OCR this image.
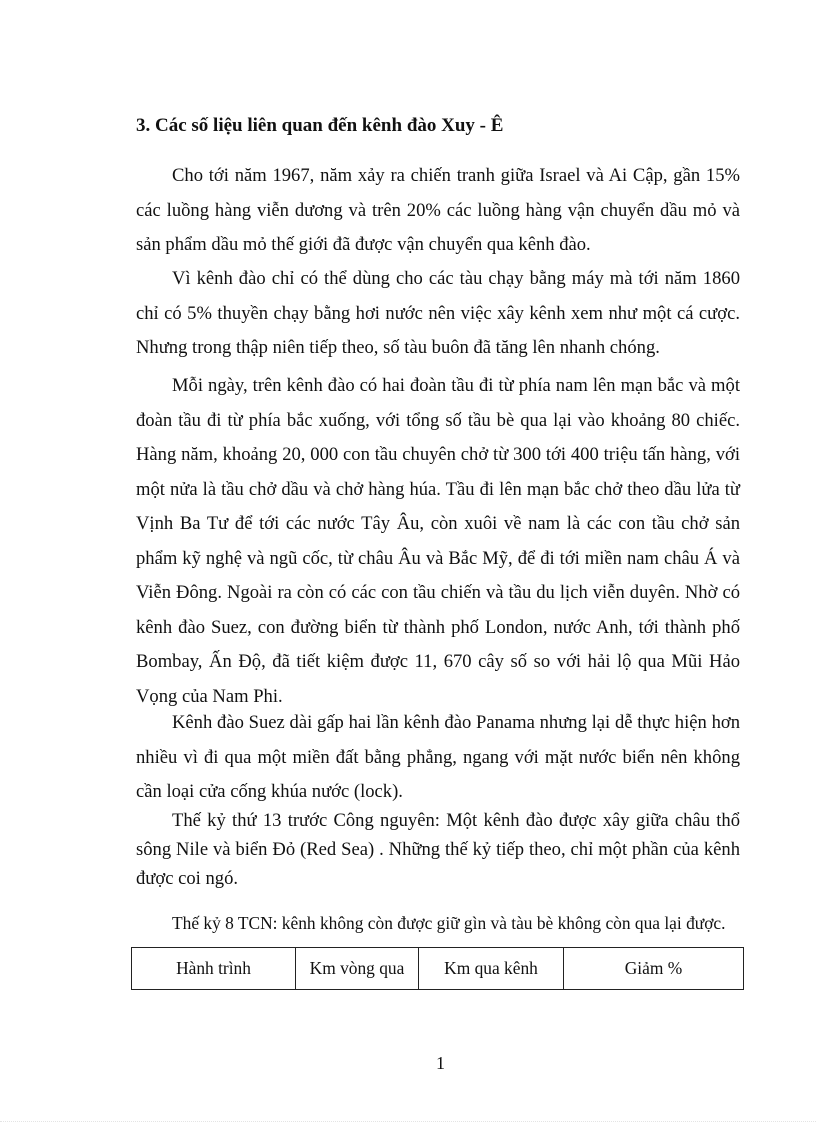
3. Các số liệu liên quan đến kênh đào Xuy - Ê

Cho tới năm 1967, năm xảy ra chiến tranh giữa Israel và Ai Cập, gần 15% các luồng hàng viễn dương và trên 20% các luồng hàng vận chuyển dầu mỏ và sản phẩm dầu mỏ thế giới đã được vận chuyển qua kênh đào.

Vì kênh đào chỉ có thể dùng cho các tàu chạy bằng máy mà tới năm 1860 chỉ có 5% thuyền chạy bằng hơi nước nên việc xây kênh xem như một cá cược. Nhưng trong thập niên tiếp theo, số tàu buôn đã tăng lên nhanh chóng.

Mỗi ngày, trên kênh đào có hai đoàn tầu đi từ phía nam lên mạn bắc và một đoàn tầu đi từ phía bắc xuống, với tổng số tầu bè qua lại vào khoảng 80 chiếc. Hàng năm, khoảng 20, 000 con tầu chuyên chở từ 300 tới 400 triệu tấn hàng, với một nửa là tầu chở dầu và chở hàng húa. Tầu đi lên mạn bắc chở theo dầu lửa từ Vịnh Ba Tư để tới các nước Tây Âu, còn xuôi về nam là các con tầu chở sản phẩm kỹ nghệ và ngũ cốc, từ châu Âu và Bắc Mỹ, để đi tới miền nam châu Á và Viễn Đông. Ngoài ra còn có các con tầu chiến và tầu du lịch viễn duyên. Nhờ có kênh đào Suez, con đường biển từ thành phố London, nước Anh, tới thành phố Bombay, Ấn Độ, đã tiết kiệm được 11, 670 cây số so với hải lộ qua Mũi Hảo Vọng của Nam Phi.

Kênh đào Suez dài gấp hai lần kênh đào Panama nhưng lại dễ thực hiện hơn nhiều vì đi qua một miền đất bằng phẳng, ngang với mặt nước biển nên không cần loại cửa cống khúa nước (lock).

Thế kỷ thứ 13 trước Công nguyên: Một kênh đào được xây giữa châu thổ sông Nile và biển Đỏ (Red Sea) . Những thế kỷ tiếp theo, chỉ một phần của kênh được coi ngó.

Thế kỷ 8 TCN: kênh không còn được giữ gìn và tàu bè không còn qua lại được.

Hành trình	Km vòng qua	Km qua kênh	Giảm %
1
